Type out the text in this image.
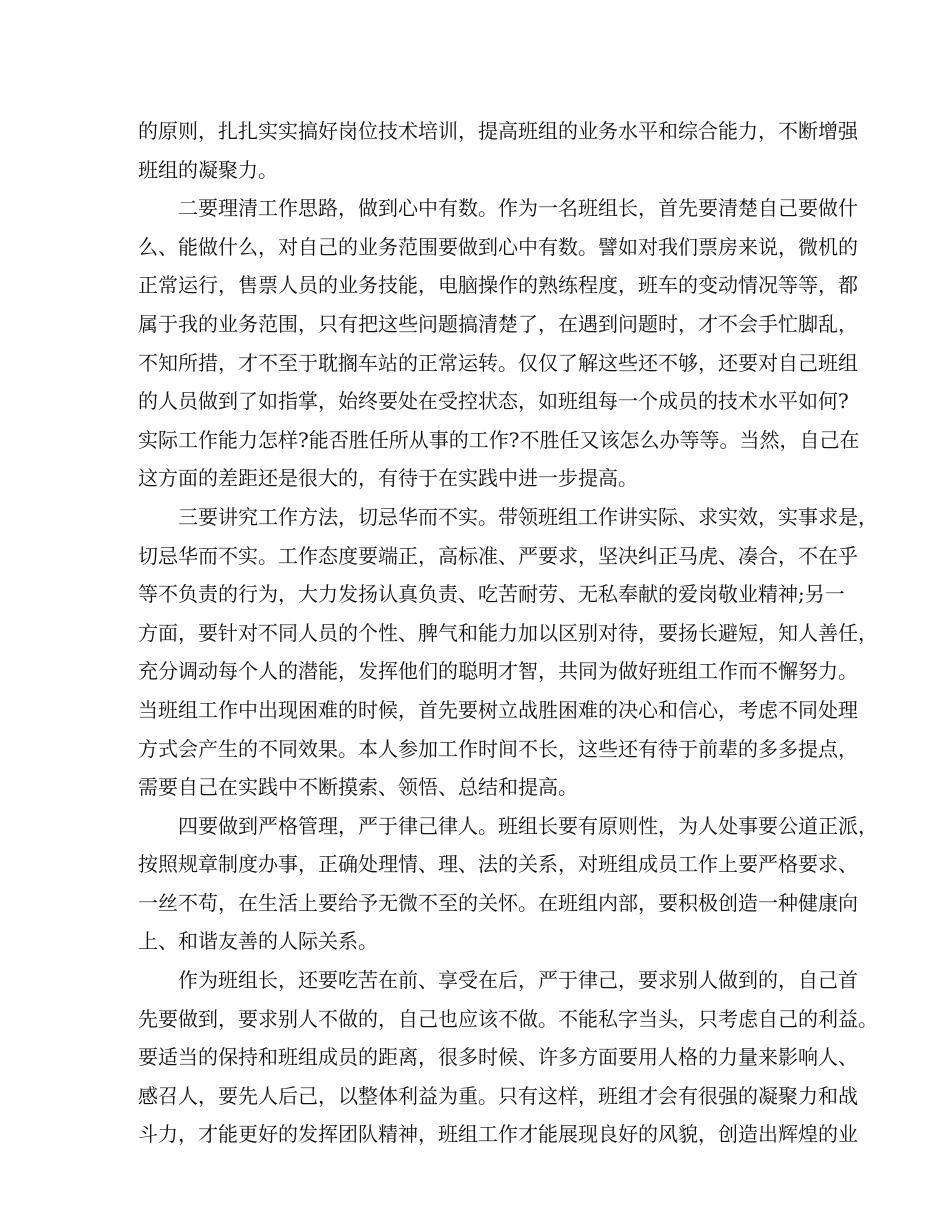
的原则，扎扎实实搞好岗位技术培训，提高班组的业务水平和综合能力，不断增强
班组的凝聚力。
二要理清工作思路，做到心中有数。作为一名班组长，首先要清楚自己要做什
么、能做什么，对自己的业务范围要做到心中有数。譬如对我们票房来说，微机的
正常运行，售票人员的业务技能，电脑操作的熟练程度，班车的变动情况等等，都
属于我的业务范围，只有把这些问题搞清楚了，在遇到问题时，才不会手忙脚乱，
不知所措，才不至于耽搁车站的正常运转。仅仅了解这些还不够，还要对自己班组
的人员做到了如指掌，始终要处在受控状态，如班组每一个成员的技术水平如何?
实际工作能力怎样?能否胜任所从事的工作?不胜任又该怎么办等等。当然，自己在
这方面的差距还是很大的，有待于在实践中进一步提高。
三要讲究工作方法，切忌华而不实。带领班组工作讲实际、求实效，实事求是，
切忌华而不实。工作态度要端正，高标准、严要求，坚决纠正马虎、凑合，不在乎
等不负责的行为，大力发扬认真负责、吃苦耐劳、无私奉献的爱岗敬业精神;另一
方面，要针对不同人员的个性、脾气和能力加以区别对待，要扬长避短，知人善任，
充分调动每个人的潜能，发挥他们的聪明才智，共同为做好班组工作而不懈努力。
当班组工作中出现困难的时候，首先要树立战胜困难的决心和信心，考虑不同处理
方式会产生的不同效果。本人参加工作时间不长，这些还有待于前辈的多多提点，
需要自己在实践中不断摸索、领悟、总结和提高。
四要做到严格管理，严于律己律人。班组长要有原则性，为人处事要公道正派，
按照规章制度办事，正确处理情、理、法的关系，对班组成员工作上要严格要求、
一丝不苟，在生活上要给予无微不至的关怀。在班组内部，要积极创造一种健康向
上、和谐友善的人际关系。
作为班组长，还要吃苦在前、享受在后，严于律己，要求别人做到的，自己首
先要做到，要求别人不做的，自己也应该不做。不能私字当头，只考虑自己的利益。
要适当的保持和班组成员的距离，很多时候、许多方面要用人格的力量来影响人、
感召人，要先人后己，以整体利益为重。只有这样，班组才会有很强的凝聚力和战
斗力，才能更好的发挥团队精神，班组工作才能展现良好的风貌，创造出辉煌的业
